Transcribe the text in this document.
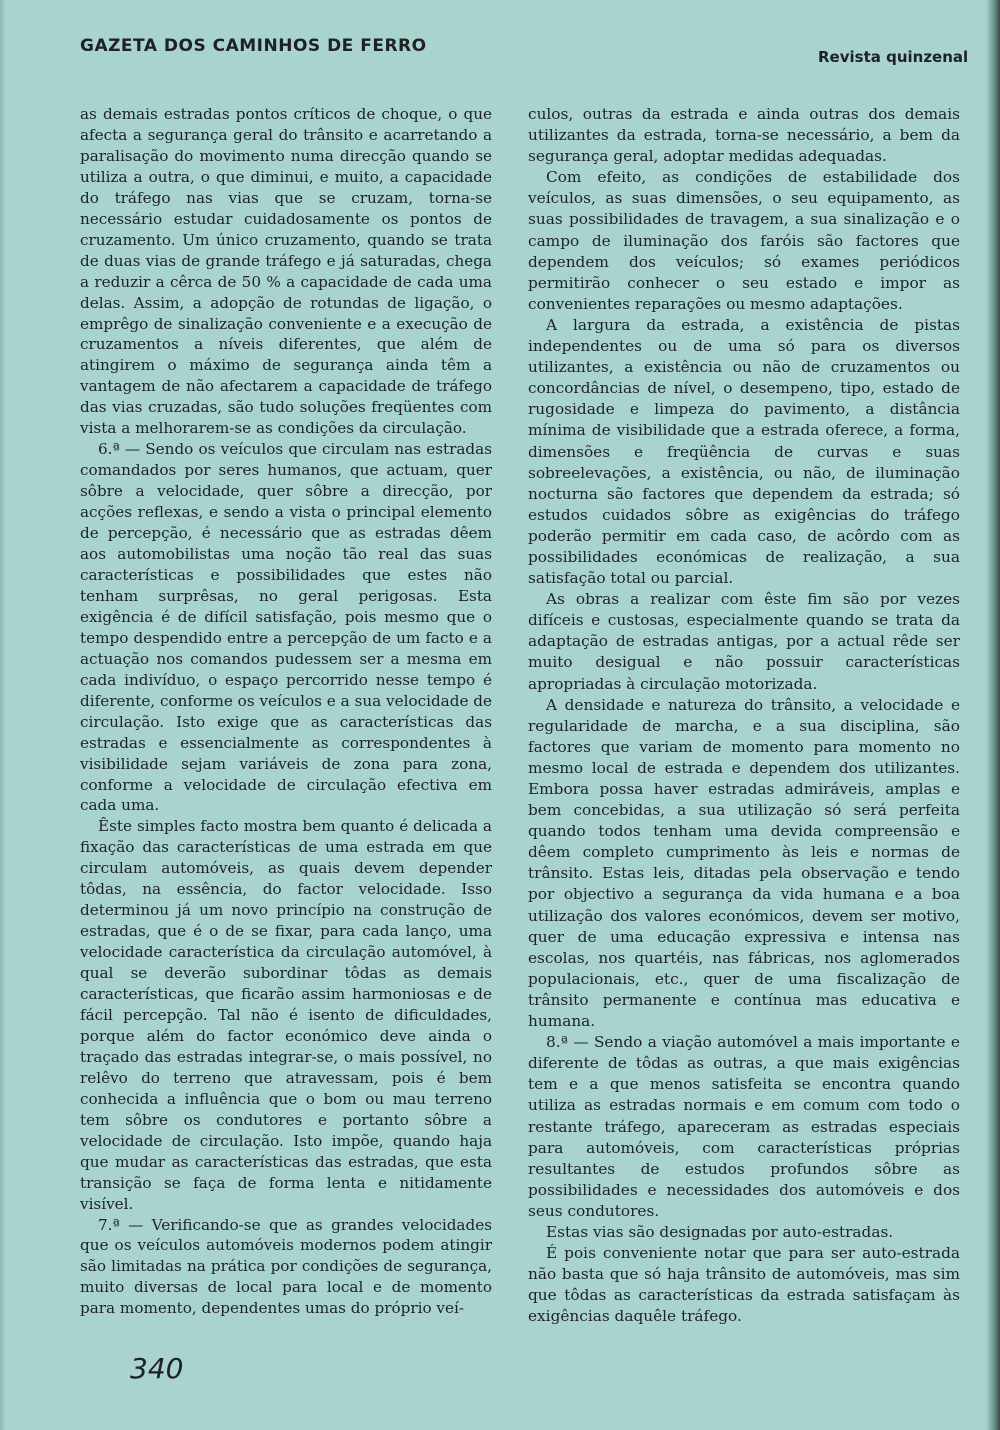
GAZETA DOS CAMINHOS DE FERRO
Revista quinzenal

as demais estradas pontos críticos de choque, o que afecta a segurança geral do trânsito e acarretando a paralisação do movimento numa direcção quando se utiliza a outra, o que diminui, e muito, a capacidade do tráfego nas vias que se cruzam, torna-se necessário estudar cuidadosamente os pontos de cruzamento. Um único cruzamento, quando se trata de duas vias de grande tráfego e já saturadas, chega a reduzir a cêrca de 50 % a capacidade de cada uma delas. Assim, a adopção de rotundas de ligação, o emprêgo de sinalização conveniente e a execução de cruzamentos a níveis diferentes, que além de atingirem o máximo de segurança ainda têm a vantagem de não afectarem a capacidade de tráfego das vias cruzadas, são tudo soluções freqüentes com vista a melhorarem-se as condições da circulação.

6.ª — Sendo os veículos que circulam nas estradas comandados por seres humanos, que actuam, quer sôbre a velocidade, quer sôbre a direcção, por acções reflexas, e sendo a vista o principal elemento de percepção, é necessário que as estradas dêem aos automobilistas uma noção tão real das suas características e possibilidades que estes não tenham surprêsas, no geral perigosas. Esta exigência é de difícil satisfação, pois mesmo que o tempo despendido entre a percepção de um facto e a actuação nos comandos pudessem ser a mesma em cada indivíduo, o espaço percorrido nesse tempo é diferente, conforme os veículos e a sua velocidade de circulação. Isto exige que as características das estradas e essencialmente as correspondentes à visibilidade sejam variáveis de zona para zona, conforme a velocidade de circulação efectiva em cada uma.

Êste simples facto mostra bem quanto é delicada a fixação das características de uma estrada em que circulam automóveis, as quais devem depender tôdas, na essência, do factor velocidade. Isso determinou já um novo princípio na construção de estradas, que é o de se fixar, para cada lanço, uma velocidade característica da circulação automóvel, à qual se deverão subordinar tôdas as demais características, que ficarão assim harmoniosas e de fácil percepção. Tal não é isento de dificuldades, porque além do factor económico deve ainda o traçado das estradas integrar-se, o mais possível, no relêvo do terreno que atravessam, pois é bem conhecida a influência que o bom ou mau terreno tem sôbre os condutores e portanto sôbre a velocidade de circulação. Isto impõe, quando haja que mudar as características das estradas, que esta transição se faça de forma lenta e nitidamente visível.

7.ª — Verificando-se que as grandes velocidades que os veículos automóveis modernos podem atingir são limitadas na prática por condições de segurança, muito diversas de local para local e de momento para momento, dependentes umas do próprio veí-

culos, outras da estrada e ainda outras dos demais utilizantes da estrada, torna-se necessário, a bem da segurança geral, adoptar medidas adequadas.

Com efeito, as condições de estabilidade dos veículos, as suas dimensões, o seu equipamento, as suas possibilidades de travagem, a sua sinalização e o campo de iluminação dos faróis são factores que dependem dos veículos; só exames periódicos permitirão conhecer o seu estado e impor as convenientes reparações ou mesmo adaptações.

A largura da estrada, a existência de pistas independentes ou de uma só para os diversos utilizantes, a existência ou não de cruzamentos ou concordâncias de nível, o desempeno, tipo, estado de rugosidade e limpeza do pavimento, a distância mínima de visibilidade que a estrada oferece, a forma, dimensões e freqüência de curvas e suas sobreelevações, a existência, ou não, de iluminação nocturna são factores que dependem da estrada; só estudos cuidados sôbre as exigências do tráfego poderão permitir em cada caso, de acôrdo com as possibilidades económicas de realização, a sua satisfação total ou parcial.

As obras a realizar com êste fim são por vezes difíceis e custosas, especialmente quando se trata da adaptação de estradas antigas, por a actual rêde ser muito desigual e não possuir características apropriadas à circulação motorizada.

A densidade e natureza do trânsito, a velocidade e regularidade de marcha, e a sua disciplina, são factores que variam de momento para momento no mesmo local de estrada e dependem dos utilizantes. Embora possa haver estradas admiráveis, amplas e bem concebidas, a sua utilização só será perfeita quando todos tenham uma devida compreensão e dêem completo cumprimento às leis e normas de trânsito. Estas leis, ditadas pela observação e tendo por objectivo a segurança da vida humana e a boa utilização dos valores económicos, devem ser motivo, quer de uma educação expressiva e intensa nas escolas, nos quartéis, nas fábricas, nos aglomerados populacionais, etc., quer de uma fiscalização de trânsito permanente e contínua mas educativa e humana.

8.ª — Sendo a viação automóvel a mais importante e diferente de tôdas as outras, a que mais exigências tem e a que menos satisfeita se encontra quando utiliza as estradas normais e em comum com todo o restante tráfego, apareceram as estradas especiais para automóveis, com características próprias resultantes de estudos profundos sôbre as possibilidades e necessidades dos automóveis e dos seus condutores.

Estas vias são designadas por auto-estradas.

É pois conveniente notar que para ser auto-estrada não basta que só haja trânsito de automóveis, mas sim que tôdas as características da estrada satisfaçam às exigências daquêle tráfego.

340
